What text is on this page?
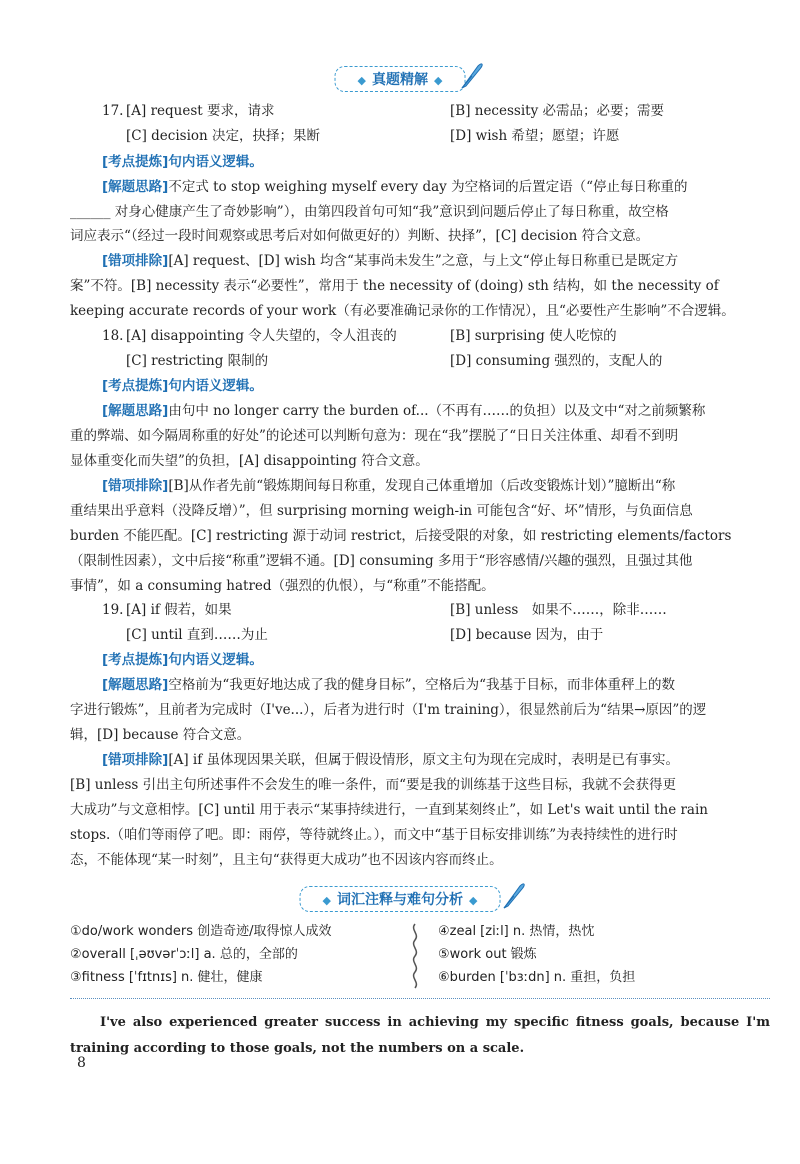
◆ 真题精解 ◆
17. [A] request 要求，请求	[B] necessity 必需品；必要；需要
[C] decision 决定，抉择；果断	[D] wish 希望；愿望；许愿
[考点提炼]句内语义逻辑。
[解题思路]不定式 to stop weighing myself every day 为空格词的后置定语（“停止每日称重的
______ 对身心健康产生了奇妙影响”），由第四段首句可知“我”意识到问题后停止了每日称重，故空格
词应表示“（经过一段时间观察或思考后对如何做更好的）判断、抉择”，[C] decision 符合文意。
[错项排除][A] request、[D] wish 均含“某事尚未发生”之意，与上文“停止每日称重已是既定方
案”不符。[B] necessity 表示“必要性”，常用于 the necessity of (doing) sth 结构，如 the necessity of
keeping accurate records of your work（有必要准确记录你的工作情况），且“必要性产生影响”不合逻辑。
18. [A] disappointing 令人失望的，令人沮丧的	[B] surprising 使人吃惊的
[C] restricting 限制的	[D] consuming 强烈的，支配人的
[考点提炼]句内语义逻辑。
[解题思路]由句中 no longer carry the burden of...（不再有……的负担）以及文中“对之前频繁称
重的弊端、如今隔周称重的好处”的论述可以判断句意为：现在“我”摆脱了“日日关注体重、却看不到明
显体重变化而失望”的负担，[A] disappointing 符合文意。
[错项排除][B]从作者先前“锻炼期间每日称重，发现自己体重增加（后改变锻炼计划）”臆断出“称
重结果出乎意料（没降反增）”，但 surprising morning weigh-in 可能包含“好、坏”情形，与负面信息
burden 不能匹配。[C] restricting 源于动词 restrict，后接受限的对象，如 restricting elements/factors
（限制性因素），文中后接“称重”逻辑不通。[D] consuming 多用于“形容感情/兴趣的强烈，且强过其他
事情”，如 a consuming hatred（强烈的仇恨），与“称重”不能搭配。
19. [A] if 假若，如果	[B] unless　如果不……，除非……
[C] until 直到……为止	[D] because 因为，由于
[考点提炼]句内语义逻辑。
[解题思路]空格前为“我更好地达成了我的健身目标”，空格后为“我基于目标，而非体重秤上的数
字进行锻炼”，且前者为完成时（I've...），后者为进行时（I'm training），很显然前后为“结果→原因”的逻
辑，[D] because 符合文意。
[错项排除][A] if 虽体现因果关联，但属于假设情形，原文主句为现在完成时，表明是已有事实。
[B] unless 引出主句所述事件不会发生的唯一条件，而“要是我的训练基于这些目标，我就不会获得更
大成功”与文意相悖。[C] until 用于表示“某事持续进行，一直到某刻终止”，如 Let's wait until the rain
stops.（咱们等雨停了吧。即：雨停，等待就终止。），而文中“基于目标安排训练”为表持续性的进行时
态，不能体现“某一时刻”，且主句“获得更大成功”也不因该内容而终止。
◆ 词汇注释与难句分析 ◆
①do/work wonders 创造奇迹/取得惊人成效
②overall [ˌəʊvərˈɔːl] a. 总的，全部的
③fitness [ˈfɪtnɪs] n. 健壮，健康
④zeal [ziːl] n. 热情，热忱
⑤work out 锻炼
⑥burden [ˈbɜːdn] n. 重担，负担
I've also experienced greater success in achieving my specific fitness goals, because I'm training according to those goals, not the numbers on a scale.
8
